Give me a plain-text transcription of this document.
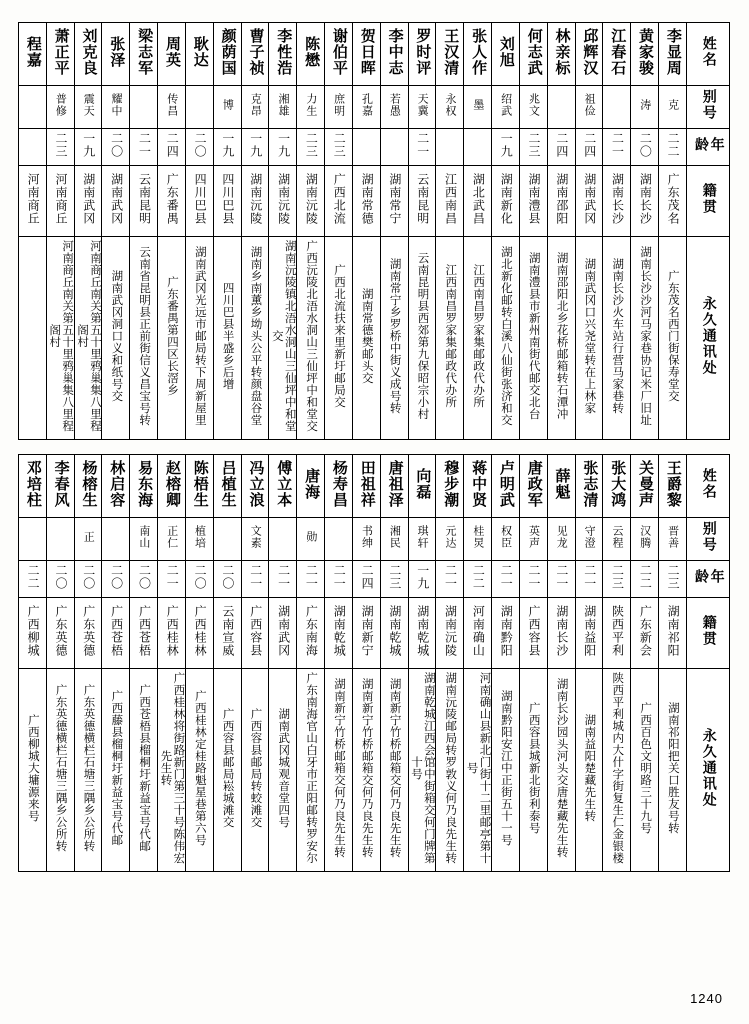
程嘉	萧正平	刘克良	张泽	梁志军	周英	耿达	颜荫国	曹子祯	李性浩	陈懋	谢伯平	贺日晖	李中志	罗时评	王汉清	张人作	刘旭	何志武	林亲标	邱辉汉	江春石	黄家骏	李显周	姓名

	普修	震天	耀中		传昌		博	克昂	湘雄	力生	庶明	孔嘉	若愚	天冀	永权	墨	绍武	兆文		祖俭		涛	克	别号

	二三	一九	二〇	二一	二四	二〇	一九	一九	一九	二三	二三			二一			一九	二三	二四	二四	二一	二〇	二二	年龄

河南商丘	河南商丘	湖南武冈	湖南武冈	云南昆明	广东番禺	四川巴县	四川巴县	湖南沅陵	湖南沅陵	湖南沅陵	广西北流	湖南常德	湖南常宁	云南昆明	江西南昌	湖北武昌	湖南新化	湖南澧县	湖南邵阳	湖南武冈	湖南长沙	湖南长沙	广东茂名	籍贯

	河南商丘南关第五十里鸦巢集八里程阁村	河南商丘南关第五十里鸦巢集八里程阁村	湖南武冈洞口义和纸号交	云南省昆明县正前街信义昌宝号转	广东番禺第四区长滘乡	湖南武冈光远市邮局转下周新屋里	四川巴县半盛乡后增	湖南乡南薰乡坳头公平转颜盘谷堂	湖南沅陵镇北浯水洞山三仙坪中和堂交	广西沅陵北浯水洞山三仙坪中和堂交	广西北流扶来里新圩邮局交	湖南常德樊邮头交	湖南常宁乡罗桥中街义成号转	云南昆明县西郊第九保昭宗小村	江西南昌罗家集邮政代办所	江西南昌罗家集邮政代办所	湖北新化邮转白溪八仙街张济和交	湖南澧县市新州南街代邮交北台	湖南邵阳北乡花桥邮箱转石潭冲	湖南武冈口兴尧堂转在上林家	湖南长沙火车站行营马家巷转	湖南长沙沙河马家巷协记米厂旧址	广东茂名西门街保寿堂交	永久通讯处
邓培柱	李春风	杨榕生	林启容	易东海	赵榕卿	陈梧生	吕植生	冯立浪	傅立本	唐海	杨寿昌	田祖祥	唐祖泽	向磊	穆步潮	蒋中贤	卢明武	唐政军	薛魁	张志清	张大鸿	关曼声	王爵黎	姓名

		正		南山	正仁	植培		文素		勋		书绅	湘民	琪轩	元达	桂炅	权臣	英声	见龙	守澄	云程	汉腾	晋善	别号

二二	二〇	二〇	二〇	二〇	二一	二〇	二〇	二一	二一	二一	二一	二四	二三	一九	二一	二二	二一	二一	二一	二一	二三	二二	二三	年龄

广西柳城	广东英德	广东英德	广西苍梧	广西苍梧	广西桂林	广西桂林	云南宣威	广西容县	湖南武冈	广东南海	湖南乾城	湖南新宁	湖南乾城	湖南乾城	湖南沅陵	河南确山	湖南黔阳	广西容县	湖南长沙	湖南益阳	陕西平利	广东新会	湖南祁阳	籍贯

广西柳城大墉源来号	广东英德横栏石塘三隅乡公所转	广东英德横栏石塘三隅乡公所转	广西藤县榴桐圩新益宝号代邮	广西苍梧县榴桐圩新益宝号代邮	广西桂林将街路新门第三十号陈伟宏先生转	广西桂林定桂路魁星巷第六号	广西容县邮局崧城滩交	广西容县邮局转蛟滩交	湖南武冈城观音堂四号	广东南海官山白牙市正阳邮转罗安尔	湖南新宁竹桥邮箱交何乃良先生转	湖南新宁竹桥邮箱交何乃良先生转	湖南新宁竹桥邮箱交何乃良先生转	湖南乾城江西会馆中街箱交何门牌第十号	湖南沅陵邮局转罗敦义何乃良先生转	河南确山县新北门街十二里邮亭第十号	湖南黔阳安江中正街五十一号	广西容县城新北街利泰号	湖南长沙园头河头交唐楚藏先生转	湖南益阳楚藏先生转	陕西平利城内大什字街复生仁金银楼	广西百色文明路三十九号	湖南祁阳把关口胜友号转	永久通讯处
1240
